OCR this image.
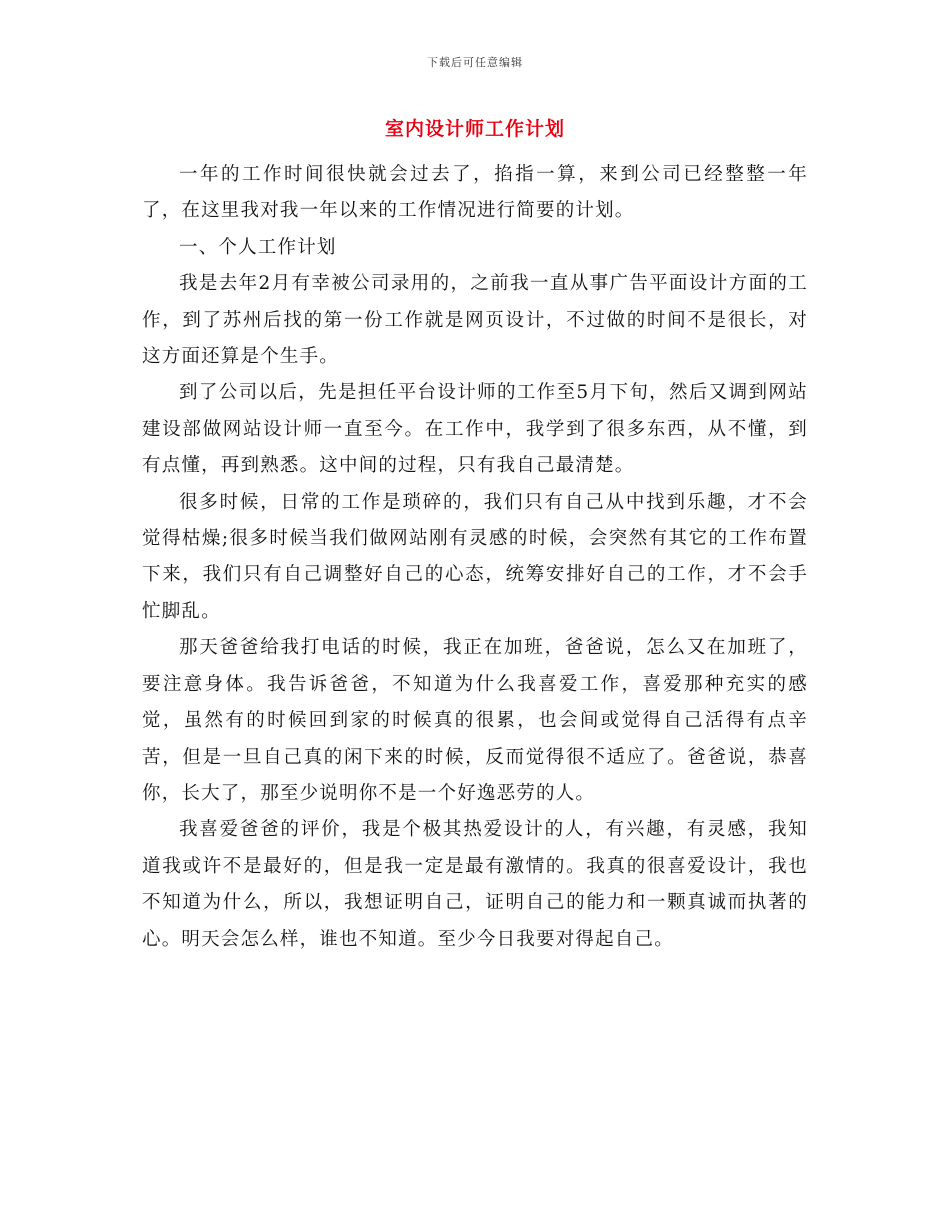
下载后可任意编辑
室内设计师工作计划

一年的工作时间很快就会过去了，掐指一算，来到公司已经整整一年了，在这里我对我一年以来的工作情况进行简要的计划。

一、个人工作计划

我是去年2月有幸被公司录用的，之前我一直从事广告平面设计方面的工作，到了苏州后找的第一份工作就是网页设计，不过做的时间不是很长，对这方面还算是个生手。

到了公司以后，先是担任平台设计师的工作至5月下旬，然后又调到网站建设部做网站设计师一直至今。在工作中，我学到了很多东西，从不懂，到有点懂，再到熟悉。这中间的过程，只有我自己最清楚。

很多时候，日常的工作是琐碎的，我们只有自己从中找到乐趣，才不会觉得枯燥;很多时候当我们做网站刚有灵感的时候，会突然有其它的工作布置下来，我们只有自己调整好自己的心态，统筹安排好自己的工作，才不会手忙脚乱。

那天爸爸给我打电话的时候，我正在加班，爸爸说，怎么又在加班了，要注意身体。我告诉爸爸，不知道为什么我喜爱工作，喜爱那种充实的感觉，虽然有的时候回到家的时候真的很累，也会间或觉得自己活得有点辛苦，但是一旦自己真的闲下来的时候，反而觉得很不适应了。爸爸说，恭喜你，长大了，那至少说明你不是一个好逸恶劳的人。

我喜爱爸爸的评价，我是个极其热爱设计的人，有兴趣，有灵感，我知道我或许不是最好的，但是我一定是最有激情的。我真的很喜爱设计，我也不知道为什么，所以，我想证明自己，证明自己的能力和一颗真诚而执著的心。明天会怎么样，谁也不知道。至少今日我要对得起自己。
